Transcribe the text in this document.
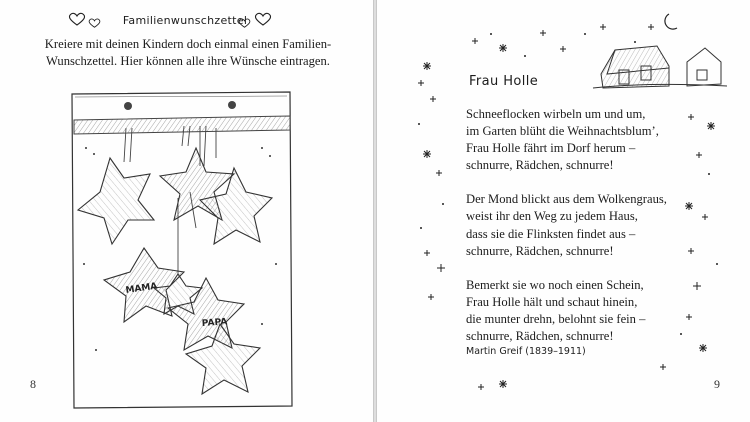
Familienwunschzettel

Kreiere mit deinen Kindern doch einmal einen Familien-

Wunschzettel. Hier können alle ihre Wünsche eintragen.

MAMA
PAPA
8
Frau Holle
Schneeflocken wirbeln um und um,
im Garten blüht die Weihnachtsblum’,
Frau Holle fährt im Dorf herum –
schnurre, Rädchen, schnurre!
Der Mond blickt aus dem Wolkengraus,
weist ihr den Weg zu jedem Haus,
dass sie die Flinksten findet aus –
schnurre, Rädchen, schnurre!
Bemerkt sie wo noch einen Schein,
Frau Holle hält und schaut hinein,
die munter drehn, belohnt sie fein –
schnurre, Rädchen, schnurre!
Martin Greif (1839–1911)
9
